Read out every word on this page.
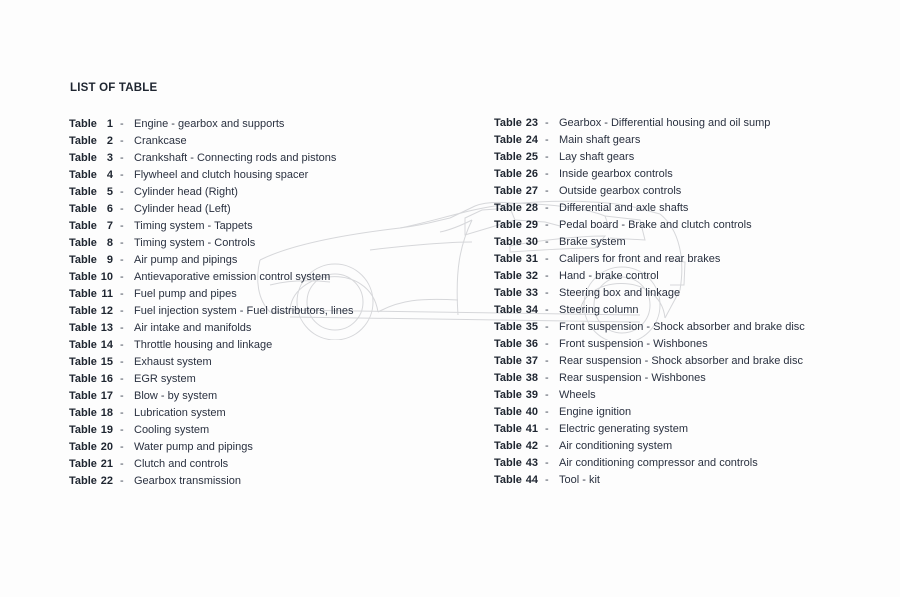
LIST OF TABLE
Table 1 - Engine - gearbox and supports
Table 2 - Crankcase
Table 3 - Crankshaft - Connecting rods and pistons
Table 4 - Flywheel and clutch housing spacer
Table 5 - Cylinder head (Right)
Table 6 - Cylinder head (Left)
Table 7 - Timing system - Tappets
Table 8 - Timing system - Controls
Table 9 - Air pump and pipings
Table 10 - Antievaporative emission control system
Table 11 - Fuel pump and pipes
Table 12 - Fuel injection system - Fuel distributors, lines
Table 13 - Air intake and manifolds
Table 14 - Throttle housing and linkage
Table 15 - Exhaust system
Table 16 - EGR system
Table 17 - Blow - by system
Table 18 - Lubrication system
Table 19 - Cooling system
Table 20 - Water pump and pipings
Table 21 - Clutch and controls
Table 22 - Gearbox transmission
Table 23 - Gearbox - Differential housing and oil sump
Table 24 - Main shaft gears
Table 25 - Lay shaft gears
Table 26 - Inside gearbox controls
Table 27 - Outside gearbox controls
Table 28 - Differential and axle shafts
Table 29 - Pedal board - Brake and clutch controls
Table 30 - Brake system
Table 31 - Calipers for front and rear brakes
Table 32 - Hand - brake control
Table 33 - Steering box and linkage
Table 34 - Steering column
Table 35 - Front suspension - Shock absorber and brake disc
Table 36 - Front suspension - Wishbones
Table 37 - Rear suspension - Shock absorber and brake disc
Table 38 - Rear suspension - Wishbones
Table 39 - Wheels
Table 40 - Engine ignition
Table 41 - Electric generating system
Table 42 - Air conditioning system
Table 43 - Air conditioning compressor and controls
Table 44 - Tool - kit
